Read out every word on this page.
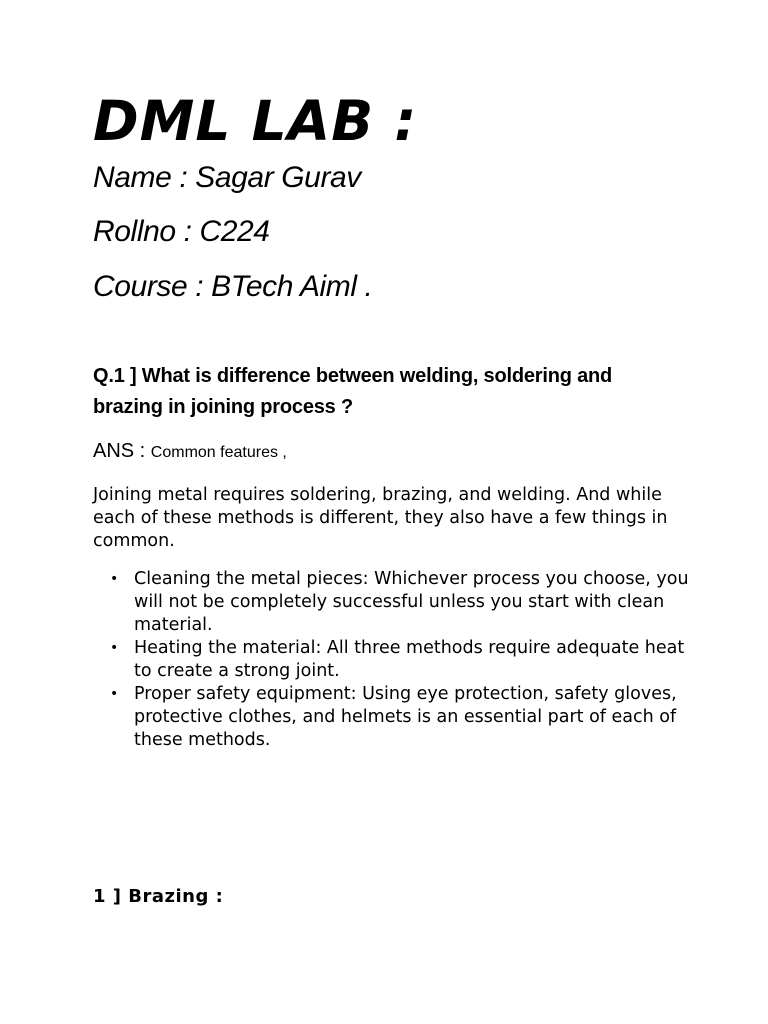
DML LAB :

Name : Sagar Gurav

Rollno : C224

Course : BTech Aiml .

Q.1 ] What is difference between welding, soldering and brazing in joining process ?

ANS : Common features ,

Joining metal requires soldering, brazing, and welding. And while each of these methods is different, they also have a few things in common.

• Cleaning the metal pieces: Whichever process you choose, you will not be completely successful unless you start with clean material.
• Heating the material: All three methods require adequate heat to create a strong joint.
• Proper safety equipment: Using eye protection, safety gloves, protective clothes, and helmets is an essential part of each of these methods.

1 ] Brazing :
